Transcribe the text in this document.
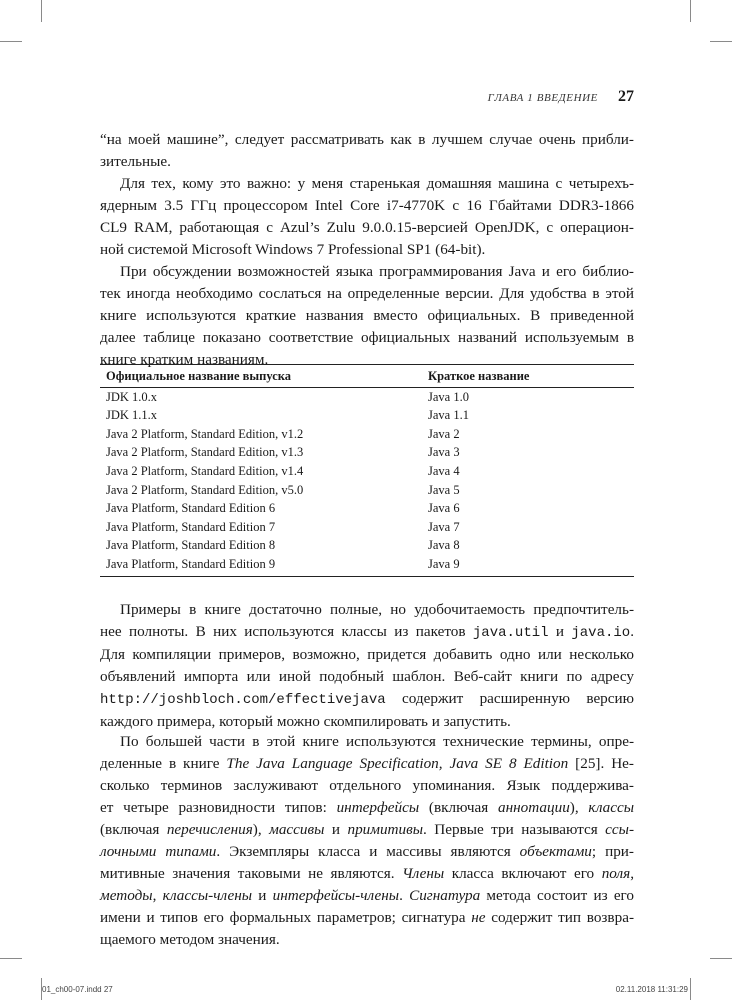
ГЛАВА 1 ВВЕДЕНИЕ 27
“на моей машине”, следует рассматривать как в лучшем случае очень прибли-
зительные.
Для тех, кому это важно: у меня старенькая домашняя машина с четырехъ-
ядерным 3.5 ГГц процессором Intel Core i7-4770K с 16 Гбайтами DDR3-1866
CL9 RAM, работающая с Azul’s Zulu 9.0.0.15-версией OpenJDK, с операцион-
ной системой Microsoft Windows 7 Professional SP1 (64-bit).
При обсуждении возможностей языка программирования Java и его библио-
тек иногда необходимо сослаться на определенные версии. Для удобства в этой
книге используются краткие названия вместо официальных. В приведенной
далее таблице показано соответствие официальных названий используемым в
книге кратким названиям.
Официальное название выпуска	Краткое название
JDK 1.0.x	Java 1.0
JDK 1.1.x	Java 1.1
Java 2 Platform, Standard Edition, v1.2	Java 2
Java 2 Platform, Standard Edition, v1.3	Java 3
Java 2 Platform, Standard Edition, v1.4	Java 4
Java 2 Platform, Standard Edition, v5.0	Java 5
Java Platform, Standard Edition 6	Java 6
Java Platform, Standard Edition 7	Java 7
Java Platform, Standard Edition 8	Java 8
Java Platform, Standard Edition 9	Java 9
Примеры в книге достаточно полные, но удобочитаемость предпочтитель-
нее полноты. В них используются классы из пакетов java.util и java.io.
Для компиляции примеров, возможно, придется добавить одно или несколько
объявлений импорта или иной подобный шаблон. Веб-сайт книги по адресу
http://joshbloch.com/effectivejava содержит расширенную версию
каждого примера, который можно скомпилировать и запустить.
По большей части в этой книге используются технические термины, опре-
деленные в книге The Java Language Specification, Java SE 8 Edition [25]. Не-
сколько терминов заслуживают отдельного упоминания. Язык поддержива-
ет четыре разновидности типов: интерфейсы (включая аннотации), классы
(включая перечисления), массивы и примитивы. Первые три называются ссы-
лочными типами. Экземпляры класса и массивы являются объектами; при-
митивные значения таковыми не являются. Члены класса включают его поля,
методы, классы-члены и интерфейсы-члены. Сигнатура метода состоит из его
имени и типов его формальных параметров; сигнатура не содержит тип возвра-
щаемого методом значения.
01_ch00-07.indd 27	02.11.2018 11:31:29
